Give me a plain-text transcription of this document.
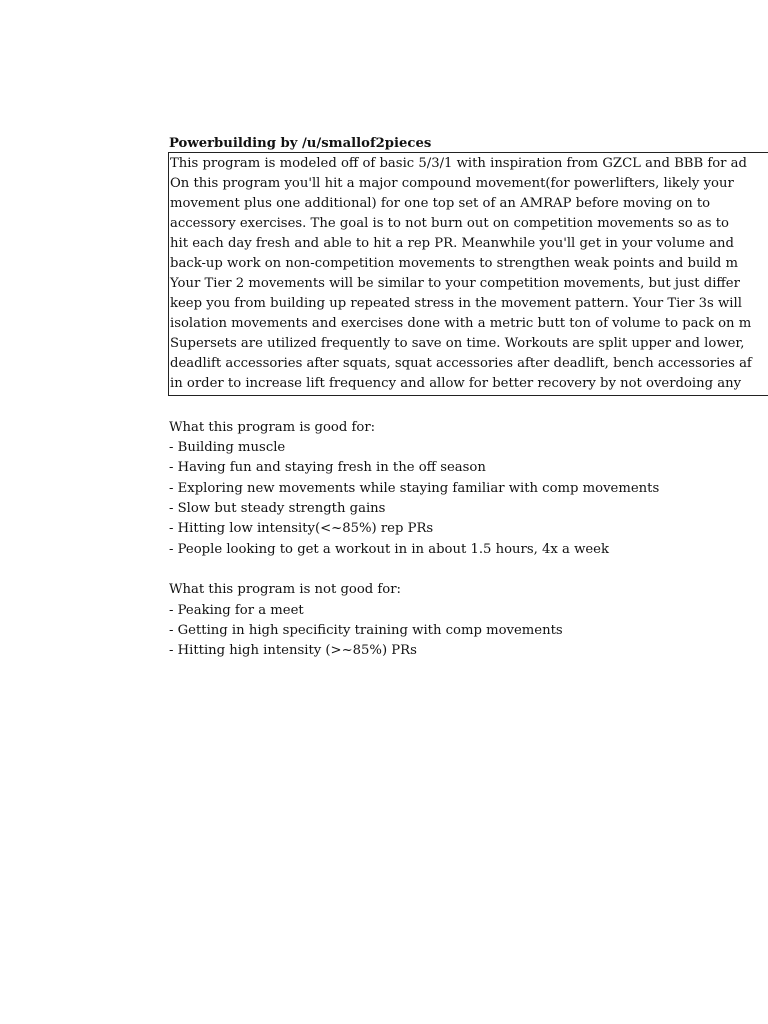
Powerbuilding by /u/smallof2pieces
This program is modeled off of basic 5/3/1 with inspiration from GZCL and BBB for ad
On this program you'll hit a major compound movement(for powerlifters, likely your
movement plus one additional) for one top set of an AMRAP before moving on to
accessory exercises. The goal is to not burn out on competition movements so as to
hit each day fresh and able to hit a rep PR. Meanwhile you'll get in your volume and
back-up work on non-competition movements to strengthen weak points and build m
Your Tier 2 movements will be similar to your competition movements, but just differ
keep you from building up repeated stress in the movement pattern. Your Tier 3s will
isolation movements and exercises done with a metric butt ton of volume to pack on m
Supersets are utilized frequently to save on time. Workouts are split upper and lower,
deadlift accessories after squats, squat accessories after deadlift, bench accessories af
in order to increase lift frequency and allow for better recovery by not overdoing any
What this program is good for:
- Building muscle
- Having fun and staying fresh in the off season
- Exploring new movements while staying familiar with comp movements
- Slow but steady strength gains
- Hitting low intensity(<~85%) rep PRs
- People looking to get a workout in in about 1.5 hours, 4x a week
What this program is not good for:
- Peaking for a meet
- Getting in high specificity training with comp movements
- Hitting high intensity (>~85%) PRs
